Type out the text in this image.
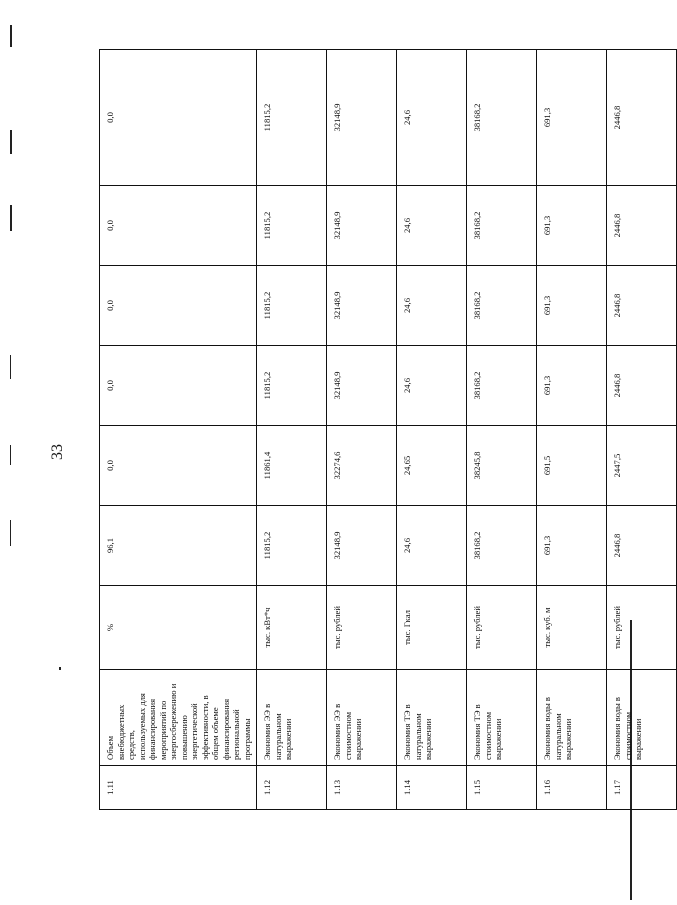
33
1.11	Объем внебюджетных средств, используемых для финансирования мероприятий по энергосбережению и повышению энергетической эффективности, в общем объеме финансирования региональной программы	%	96,1	0,0	0,0	0,0	0,0	0,0
1.12	Экономия ЭЭ в натуральном выражении	тыс. кВт*ч	11815,2	11861,4	11815,2	11815,2	11815,2	11815,2
1.13	Экономия ЭЭ в стоимостном выражении	тыс. рублей	32148,9	32274,6	32148,9	32148,9	32148,9	32148,9
1.14	Экономия ТЭ в натуральном выражении	тыс. Гкал	24,6	24,65	24,6	24,6	24,6	24,6
1.15	Экономия ТЭ в стоимостном выражении	тыс. рублей	38168,2	38245,8	38168,2	38168,2	38168,2	38168,2
1.16	Экономия воды в натуральном выражении	тыс. куб. м	691,3	691,5	691,3	691,3	691,3	691,3
1.17	Экономия воды в стоимостном выражении	тыс. рублей	2446,8	2447,5	2446,8	2446,8	2446,8	2446,8
